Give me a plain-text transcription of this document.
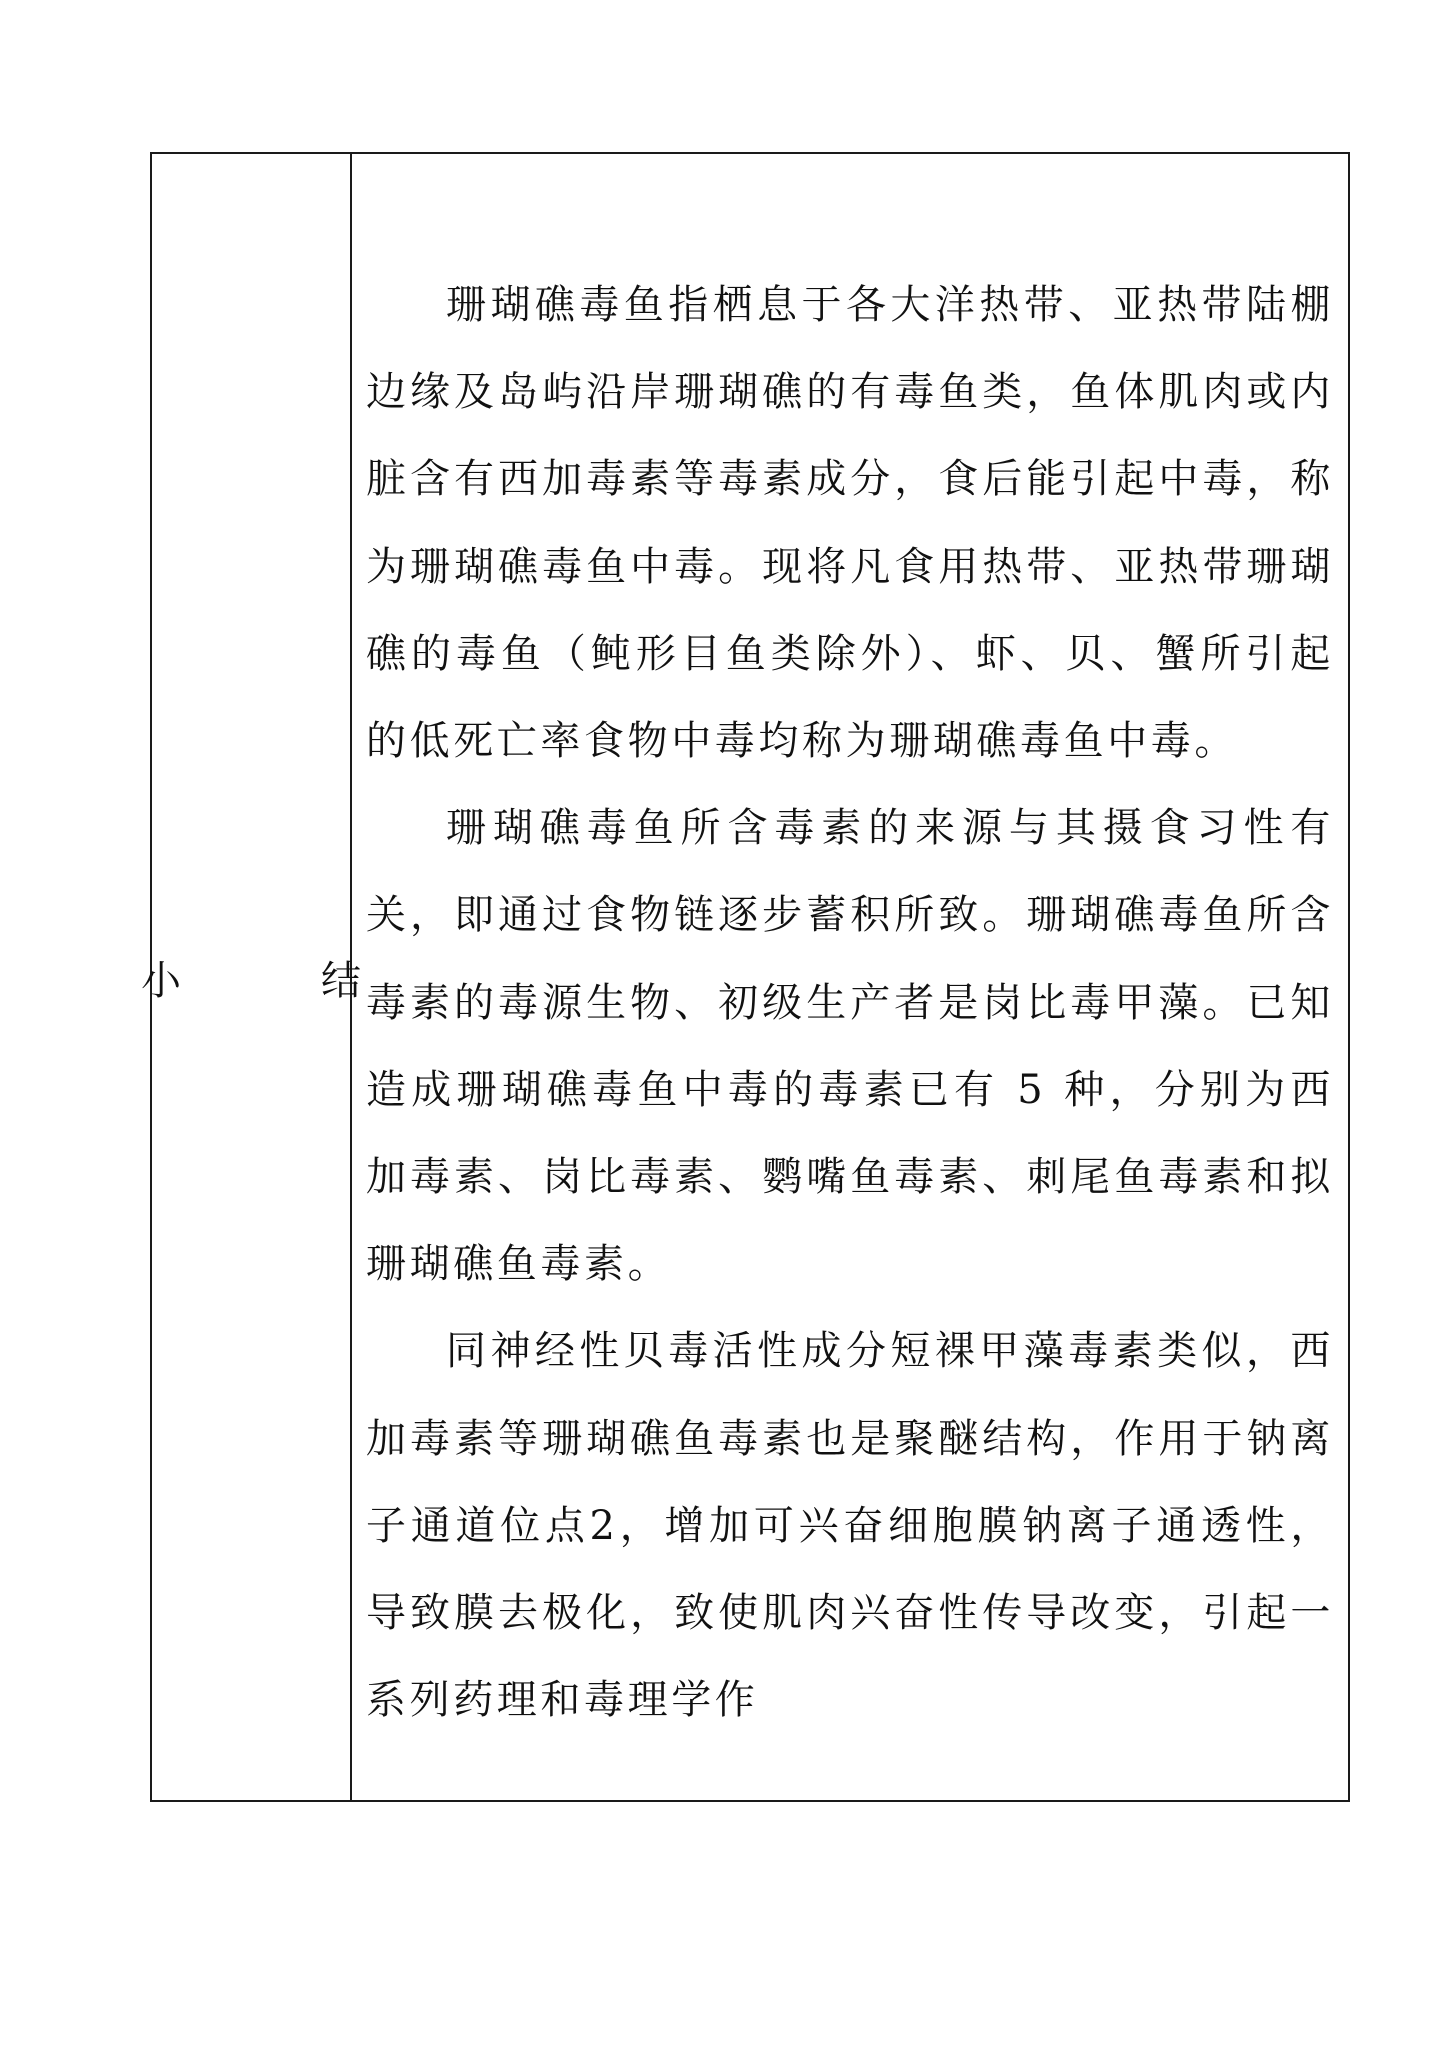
小　结

珊瑚礁毒鱼指栖息于各大洋热带、亚热带陆棚边缘及岛屿沿岸珊瑚礁的有毒鱼类，鱼体肌肉或内脏含有西加毒素等毒素成分，食后能引起中毒，称为珊瑚礁毒鱼中毒。现将凡食用热带、亚热带珊瑚礁的毒鱼（鲀形目鱼类除外）、虾、贝、蟹所引起的低死亡率食物中毒均称为珊瑚礁毒鱼中毒。

珊瑚礁毒鱼所含毒素的来源与其摄食习性有关，即通过食物链逐步蓄积所致。珊瑚礁毒鱼所含毒素的毒源生物、初级生产者是岗比毒甲藻。已知造成珊瑚礁毒鱼中毒的毒素已有 5 种，分别为西加毒素、岗比毒素、鹦嘴鱼毒素、刺尾鱼毒素和拟珊瑚礁鱼毒素。

同神经性贝毒活性成分短裸甲藻毒素类似，西加毒素等珊瑚礁鱼毒素也是聚醚结构，作用于钠离子通道位点2，增加可兴奋细胞膜钠离子通透性，导致膜去极化，致使肌肉兴奋性传导改变，引起一系列药理和毒理学作
